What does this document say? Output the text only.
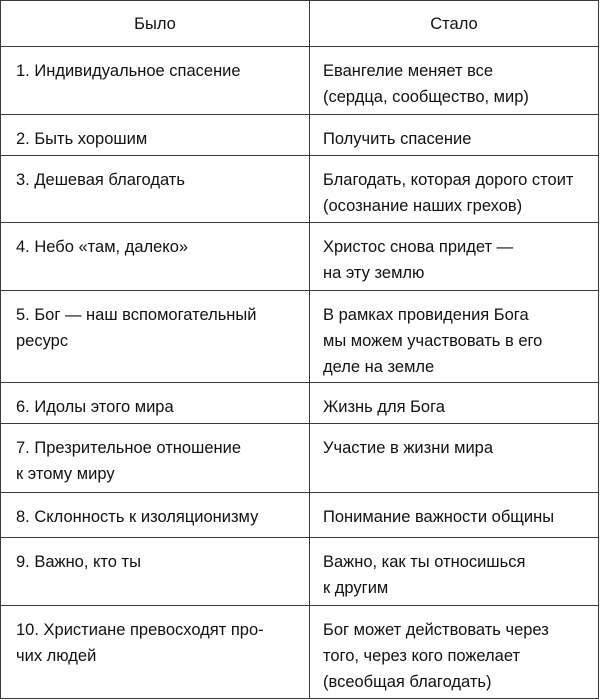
Было	Стало

1. Индивидуальное спасение	Евангелие меняет все
(сердца, сообщество, мир)

2. Быть хорошим	Получить спасение

3. Дешевая благодать	Благодать, которая дорого стоит
(осознание наших грехов)

4. Небо «там, далеко»	Христос снова придет —
на эту землю

5. Бог — наш вспомогательный
ресурс	В рамках провидения Бога
мы можем участвовать в его
деле на земле

6. Идолы этого мира	Жизнь для Бога

7. Презрительное отношение
к этому миру	Участие в жизни мира

8. Склонность к изоляционизму	Понимание важности общины

9. Важно, кто ты	Важно, как ты относишься
к другим

10. Христиане превосходят про-
чих людей	Бог может действовать через
того, через кого пожелает
(всеобщая благодать)
